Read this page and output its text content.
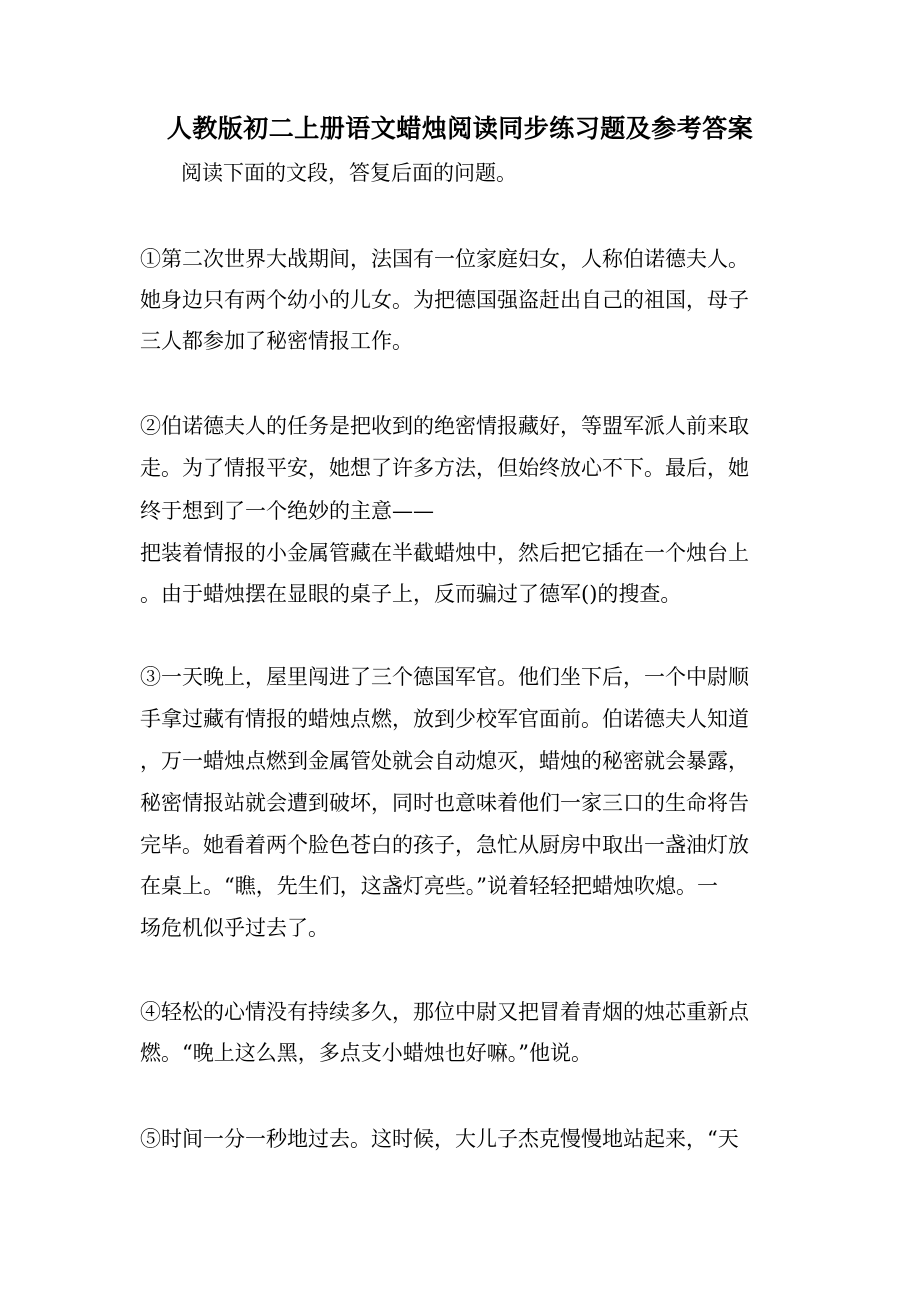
人教版初二上册语文蜡烛阅读同步练习题及参考答案
阅读下面的文段，答复后面的问题。
①第二次世界大战期间，法国有一位家庭妇女，人称伯诺德夫人。
她身边只有两个幼小的儿女。为把德国强盗赶出自己的祖国，母子
三人都参加了秘密情报工作。
②伯诺德夫人的任务是把收到的绝密情报藏好，等盟军派人前来取
走。为了情报平安，她想了许多方法，但始终放心不下。最后，她
终于想到了一个绝妙的主意——
把装着情报的小金属管藏在半截蜡烛中，然后把它插在一个烛台上
。由于蜡烛摆在显眼的桌子上，反而骗过了德军()的搜查。
③一天晚上，屋里闯进了三个德国军官。他们坐下后，一个中尉顺
手拿过藏有情报的蜡烛点燃，放到少校军官面前。伯诺德夫人知道
，万一蜡烛点燃到金属管处就会自动熄灭，蜡烛的秘密就会暴露，
秘密情报站就会遭到破坏，同时也意味着他们一家三口的生命将告
完毕。她看着两个脸色苍白的孩子，急忙从厨房中取出一盏油灯放
在桌上。“瞧，先生们，这盏灯亮些。”说着轻轻把蜡烛吹熄。一
场危机似乎过去了。
④轻松的心情没有持续多久，那位中尉又把冒着青烟的烛芯重新点
燃。“晚上这么黑，多点支小蜡烛也好嘛。”他说。
⑤时间一分一秒地过去。这时候，大儿子杰克慢慢地站起来，“天
